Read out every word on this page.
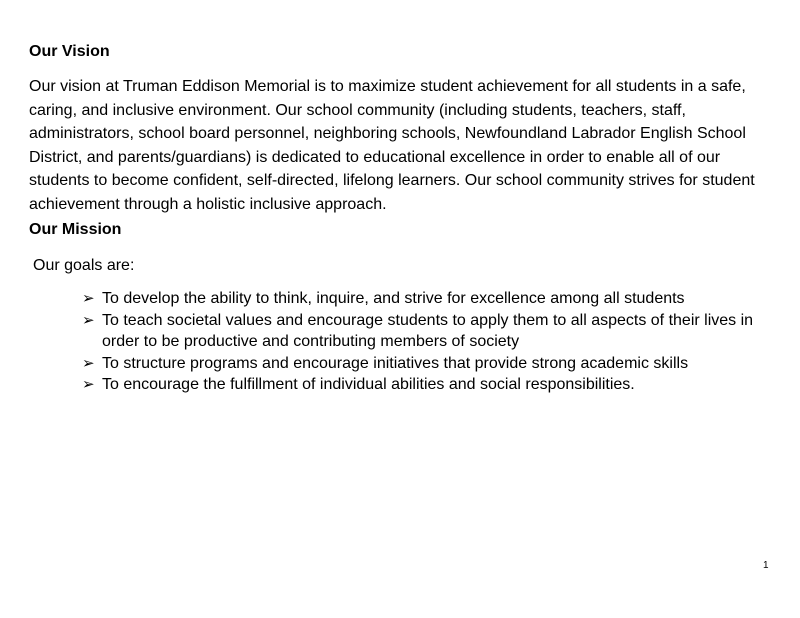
Our Vision

Our vision at Truman Eddison Memorial is to maximize student achievement for all students in a safe, caring, and inclusive environment. Our school community (including students, teachers, staff, administrators, school board personnel, neighboring schools, Newfoundland Labrador English School District, and parents/guardians) is dedicated to educational excellence in order to enable all of our students to become confident, self-directed, lifelong learners. Our school community strives for student achievement through a holistic inclusive approach.

Our Mission

Our goals are:

➢ To develop the ability to think, inquire, and strive for excellence among all students
➢ To teach societal values and encourage students to apply them to all aspects of their lives in order to be productive and contributing members of society
➢ To structure programs and encourage initiatives that provide strong academic skills
➢ To encourage the fulfillment of individual abilities and social responsibilities.
1
